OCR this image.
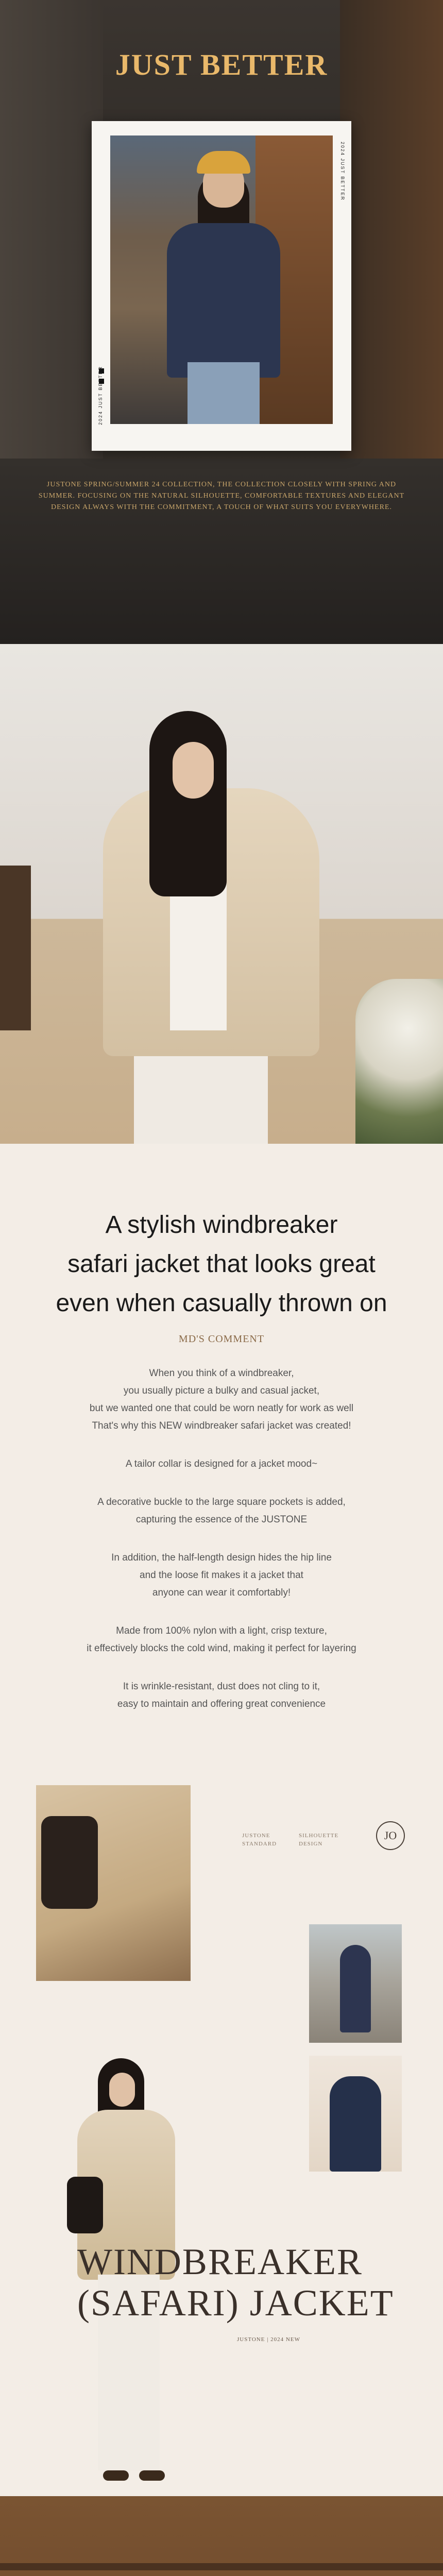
JUST BETTER
2024 JUST BETTER
2024 JUST BETTER

JUSTONE SPRING/SUMMER 24 COLLECTION, THE COLLECTION CLOSELY WITH SPRING AND SUMMER. FOCUSING ON THE NATURAL SILHOUETTE, COMFORTABLE TEXTURES AND ELEGANT DESIGN ALWAYS WITH THE COMMITMENT, A TOUCH OF WHAT SUITS YOU EVERYWHERE.

A stylish windbreaker
safari jacket that looks great
even when casually thrown on
MD'S COMMENT
When you think of a windbreaker,
you usually picture a bulky and casual jacket,
but we wanted one that could be worn neatly for work as well
That's why this NEW windbreaker safari jacket was created!
A tailor collar is designed for a jacket mood~
A decorative buckle to the large square pockets is added,
capturing the essence of the JUSTONE
In addition, the half-length design hides the hip line
and the loose fit makes it a jacket that
anyone can wear it comfortably!
Made from 100% nylon with a light, crisp texture,
it effectively blocks the cold wind, making it perfect for layering
It is wrinkle-resistant, dust does not cling to it,
easy to maintain and offering great convenience
JUSTONE
STANDARD
SILHOUETTE
DESIGN
JO
WINDBREAKER
(SAFARI) JACKET
JUSTONE | 2024 NEW
